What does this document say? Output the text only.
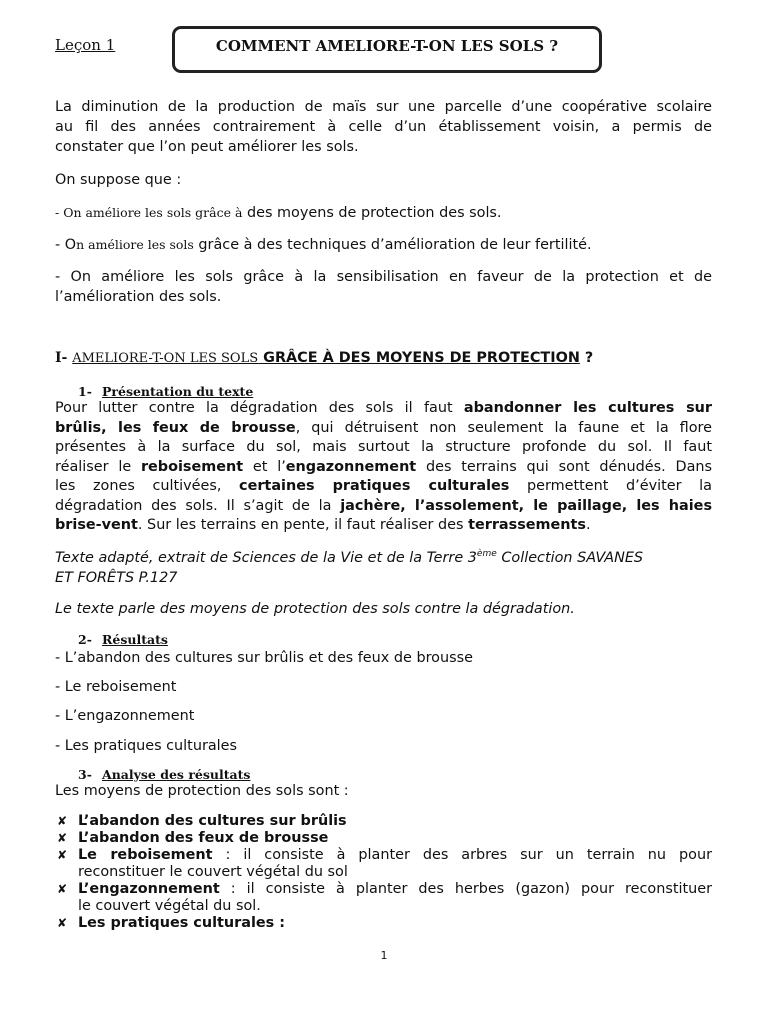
Leçon 1	COMMENT AMELIORE-T-ON LES SOLS ?
La diminution de la production de maïs sur une parcelle d’une coopérative scolaire
au fil des années contrairement à celle d’un établissement voisin, a permis de
constater que l’on peut améliorer les sols.
On suppose que :
- On améliore les sols grâce à des moyens de protection des sols.
- On améliore les sols grâce à des techniques d’amélioration de leur fertilité.
- On améliore les sols grâce à la sensibilisation en faveur de la protection et de
l’amélioration des sols.
I- AMELIORE-T-ON LES SOLS GRÂCE À DES MOYENS DE PROTECTION ?
1- Présentation du texte
Pour lutter contre la dégradation des sols il faut abandonner les cultures sur
brûlis, les feux de brousse, qui détruisent non seulement la faune et la flore
présentes à la surface du sol, mais surtout la structure profonde du sol. Il faut
réaliser le reboisement et l’engazonnement des terrains qui sont dénudés. Dans
les zones cultivées, certaines pratiques culturales permettent d’éviter la
dégradation des sols. Il s’agit de la jachère, l’assolement, le paillage, les haies
brise-vent. Sur les terrains en pente, il faut réaliser des terrassements.
Texte adapté, extrait de Sciences de la Vie et de la Terre 3ème Collection SAVANES
ET FORÊTS P.127
Le texte parle des moyens de protection des sols contre la dégradation.
2- Résultats
- L’abandon des cultures sur brûlis et des feux de brousse
- Le reboisement
- L’engazonnement
- Les pratiques culturales
3- Analyse des résultats
Les moyens de protection des sols sont :
✘ L’abandon des cultures sur brûlis
✘ L’abandon des feux de brousse
✘ Le reboisement : il consiste à planter des arbres sur un terrain nu pour
reconstituer le couvert végétal du sol
✘ L’engazonnement : il consiste à planter des herbes (gazon) pour reconstituer
le couvert végétal du sol.
✘ Les pratiques culturales :
1
